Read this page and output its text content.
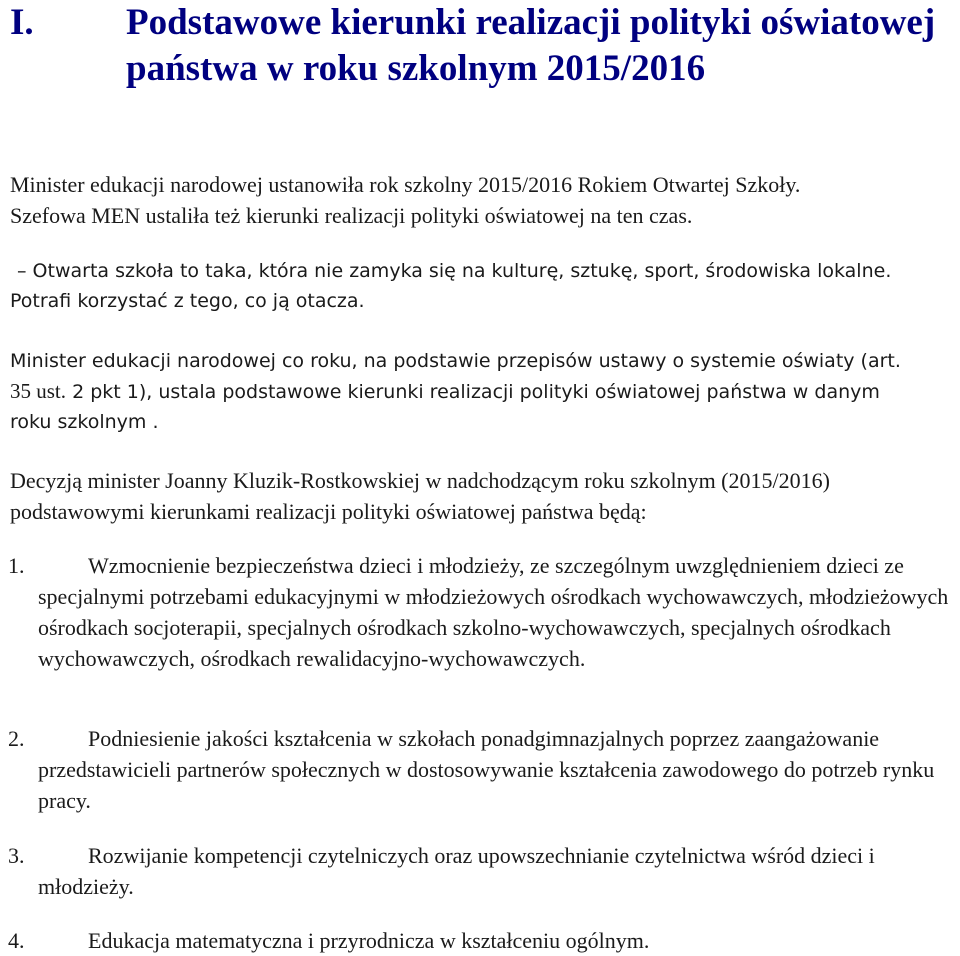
I. Podstawowe kierunki realizacji polityki oświatowej państwa w roku szkolnym 2015/2016
Minister edukacji narodowej ustanowiła rok szkolny 2015/2016 Rokiem Otwartej Szkoły.
Szefowa MEN ustaliła też kierunki realizacji polityki oświatowej na ten czas.
– Otwarta szkoła to taka, która nie zamyka się na kulturę, sztukę, sport, środowiska lokalne.
Potrafi korzystać z tego, co ją otacza.
Minister edukacji narodowej co roku, na podstawie przepisów ustawy o systemie oświaty (art.
35 ust. 2 pkt 1), ustala podstawowe kierunki realizacji polityki oświatowej państwa w danym
roku szkolnym .
Decyzją minister Joanny Kluzik-Rostkowskiej w nadchodzącym roku szkolnym (2015/2016)
podstawowymi kierunkami realizacji polityki oświatowej państwa będą:
1.	Wzmocnienie bezpieczeństwa dzieci i młodzieży, ze szczególnym uwzględnieniem dzieci ze specjalnymi potrzebami edukacyjnymi w młodzieżowych ośrodkach wychowawczych, młodzieżowych ośrodkach socjoterapii, specjalnych ośrodkach szkolno-wychowawczych, specjalnych ośrodkach wychowawczych, ośrodkach rewalidacyjno-wychowawczych.
2.	Podniesienie jakości kształcenia w szkołach ponadgimnazjalnych poprzez zaangażowanie przedstawicieli partnerów społecznych w dostosowywanie kształcenia zawodowego do potrzeb rynku pracy.
3.	Rozwijanie kompetencji czytelniczych oraz upowszechnianie czytelnictwa wśród dzieci i młodzieży.
4.	Edukacja matematyczna i przyrodnicza w kształceniu ogólnym.
